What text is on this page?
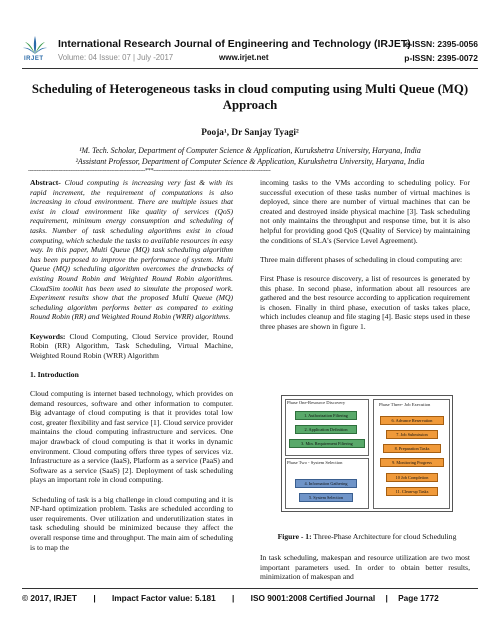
IRJET
International Research Journal of Engineering and Technology (IRJET)
e-ISSN: 2395-0056
Volume: 04 Issue: 07 | July -2017	www.irjet.net	p-ISSN: 2395-0072
Scheduling of Heterogeneous tasks in cloud computing using Multi Queue (MQ) Approach
Pooja¹, Dr Sanjay Tyagi²
¹M. Tech. Scholar, Department of Computer Science & Application, Kurukshetra University, Haryana, India
²Assistant Professor, Department of Computer Science & Application, Kurukshetra University, Haryana, India
---------------------------------------------------------------------***---------------------------------------------------------------------

Abstract- Cloud computing is increasing very fast & with its rapid increment, the requirement of computations is also increasing in cloud environment. There are multiple issues that exist in cloud environment like quality of services (QoS) requirement, minimum energy consumption and scheduling of tasks. Number of task scheduling algorithms exist in cloud computing, which schedule the tasks to available resources in easy way. In this paper, Multi Queue (MQ) task scheduling algorithm has been purposed to improve the performance of system. Multi Queue (MQ) scheduling algorithm overcomes the drawbacks of existing Round Robin and Weighted Round Robin algorithms. CloudSim toolkit has been used to simulate the proposed work. Experiment results show that the proposed Multi Queue (MQ) scheduling algorithm performs better as compared to exiting Round Robin (RR) and Weighted Round Robin (WRR) algorithms.

Keywords: Cloud Computing, Cloud Service provider, Round Robin (RR) Algorithm, Task Scheduling, Virtual Machine, Weighted Round Robin (WRR) Algorithm

1. Introduction

Cloud computing is internet based technology, which provides on demand resources, software and other information to computer. Big advantage of cloud computing is that it provides total low cost, greater flexibility and fast service [1]. Cloud service provider maintains the cloud computing infrastructure and services. One major drawback of cloud computing is that it works in dynamic environment. Cloud computing offers three types of services viz. Infrastructure as a service (IaaS), Platform as a service (PaaS) and Software as a service (SaaS) [2]. Deployment of task scheduling plays an important role in cloud computing.

Scheduling of task is a big challenge in cloud computing and it is NP-hard optimization problem. Tasks are scheduled according to user requirements. Over utilization and underutilization states in task scheduling should be minimized because they affect the overall response time and throughput. The main aim of scheduling is to map the

incoming tasks to the VMs according to scheduling policy. For successful execution of these tasks number of virtual machines is deployed, since there are number of virtual machines that can be created and destroyed inside physical machine [3]. Task scheduling not only maintains the throughput and response time, but it is also helpful for providing good QoS (Quality of Service) by maintaining the conditions of SLA's (Service Level Agreement).

Three main different phases of scheduling in cloud computing are:

First Phase is resource discovery, a list of resources is generated by this phase. In second phase, information about all resources are gathered and the best resource according to application requirement is chosen. Finally in third phase, execution of tasks takes place, which includes cleanup and file staging [4]. Basic steps used in these three phases are shown in figure 1.

Phase One-Resource Discovery
1. Authorization Filtering
2. Application Definition
3. Min. Requirement Filtering
Phase Two - System Selection
4. Information Gathering
5. System Selection
Phase Three- Job Execution
6. Advance Reservation
7. Job Submission
8. Preparation Tasks
9. Monitoring Progress
10 Job Completion
11. Clean-up Tasks
Figure - 1: Three-Phase Architecture for cloud Scheduling
In task scheduling, makespan and resource utilization are two most important parameters used. In order to obtain better results, minimization of makespan and
© 2017, IRJET | Impact Factor value: 5.181 | ISO 9001:2008 Certified Journal | Page 1772
